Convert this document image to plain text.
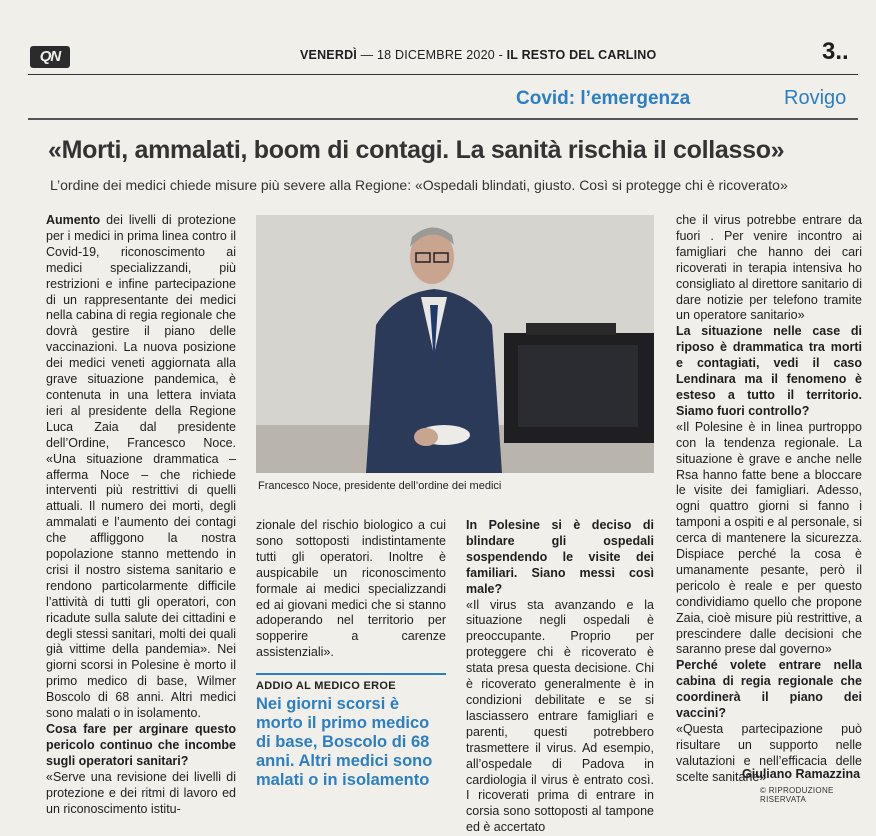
QN	VENERDÌ — 18 DICEMBRE 2020 - IL RESTO DEL CARLINO	3..
Covid: l’emergenza	Rovigo
«Morti, ammalati, boom di contagi. La sanità rischia il collasso»
L’ordine dei medici chiede misure più severe alla Regione: «Ospedali blindati, giusto. Così si protegge chi è ricoverato»

Aumento dei livelli di protezione per i medici in prima linea contro il Covid-19, riconoscimento ai medici specializzandi, più restrizioni e infine partecipazione di un rappresentante dei medici nella cabina di regia regionale che dovrà gestire il piano delle vaccinazioni. La nuova posizione dei medici veneti aggiornata alla grave situazione pandemica, è contenuta in una lettera inviata ieri al presidente della Regione Luca Zaia dal presidente dell’Ordine, Francesco Noce. «Una situazione drammatica – afferma Noce – che richiede interventi più restrittivi di quelli attuali. Il numero dei morti, degli ammalati e l’aumento dei contagi che affliggono la nostra popolazione stanno mettendo in crisi il nostro sistema sanitario e rendono particolarmente difficile l’attività di tutti gli operatori, con ricadute sulla salute dei cittadini e degli stessi sanitari, molti dei quali già vittime della pandemia». Nei giorni scorsi in Polesine è morto il primo medico di base, Wilmer Boscolo di 68 anni. Altri medici sono malati o in isolamento.

Cosa fare per arginare questo pericolo continuo che incombe sugli operatori sanitari?

«Serve una revisione dei livelli di protezione e dei ritmi di lavoro ed un riconoscimento istitu-

Francesco Noce, presidente dell’ordine dei medici

zionale del rischio biologico a cui sono sottoposti indistintamente tutti gli operatori. Inoltre è auspicabile un riconoscimento formale ai medici specializzandi ed ai giovani medici che si stanno adoperando nel territorio per sopperire a carenze assistenziali».

ADDIO AL MEDICO EROE
Nei giorni scorsi è morto il primo medico di base, Boscolo di 68 anni. Altri medici sono malati o in isolamento

In Polesine si è deciso di blindare gli ospedali sospendendo le visite dei familiari. Siano messi così male?

«Il virus sta avanzando e la situazione negli ospedali è preoccupante. Proprio per proteggere chi è ricoverato è stata presa questa decisione. Chi è ricoverato generalmente è in condizioni debilitate e se si lasciassero entrare famigliari e parenti, questi potrebbero trasmettere il virus. Ad esempio, all’ospedale di Padova in cardiologia il virus è entrato così. I ricoverati prima di entrare in corsia sono sottoposti al tampone ed è accertato

che il virus potrebbe entrare da fuori . Per venire incontro ai famigliari che hanno dei cari ricoverati in terapia intensiva ho consigliato al direttore sanitario di dare notizie per telefono tramite un operatore sanitario»

La situazione nelle case di riposo è drammatica tra morti e contagiati, vedi il caso Lendinara ma il fenomeno è esteso a tutto il territorio. Siamo fuori controllo?

«Il Polesine è in linea purtroppo con la tendenza regionale. La situazione è grave e anche nelle Rsa hanno fatte bene a bloccare le visite dei famigliari. Adesso, ogni quattro giorni si fanno i tamponi a ospiti e al personale, si cerca di mantenere la sicurezza. Dispiace perché la cosa è umanamente pesante, però il pericolo è reale e per questo condividiamo quello che propone Zaia, cioè misure più restrittive, a prescindere dalle decisioni che saranno prese dal governo»

Perché volete entrare nella cabina di regia regionale che coordinerà il piano dei vaccini?

«Questa partecipazione può risultare un supporto nelle valutazioni e nell’efficacia delle scelte sanitarie»

Giuliano Ramazzina
© RIPRODUZIONE RISERVATA
